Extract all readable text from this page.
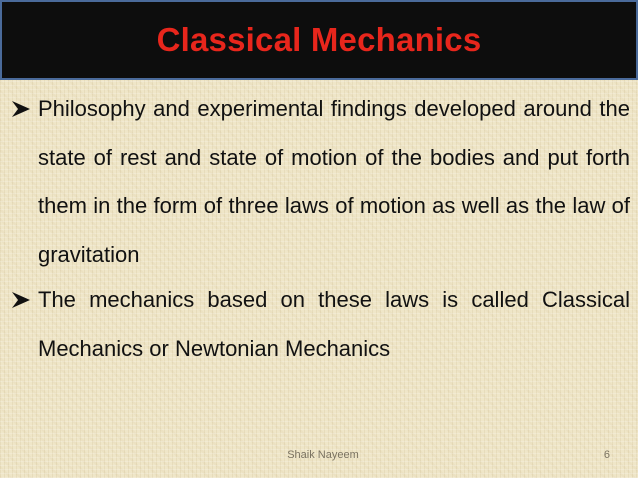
Classical Mechanics
Philosophy and experimental findings developed around the state of rest and state of motion of the bodies and put forth them in the form of three laws of motion as well as the law of gravitation
The mechanics based on these laws is called Classical Mechanics or Newtonian Mechanics
Shaik Nayeem	6
